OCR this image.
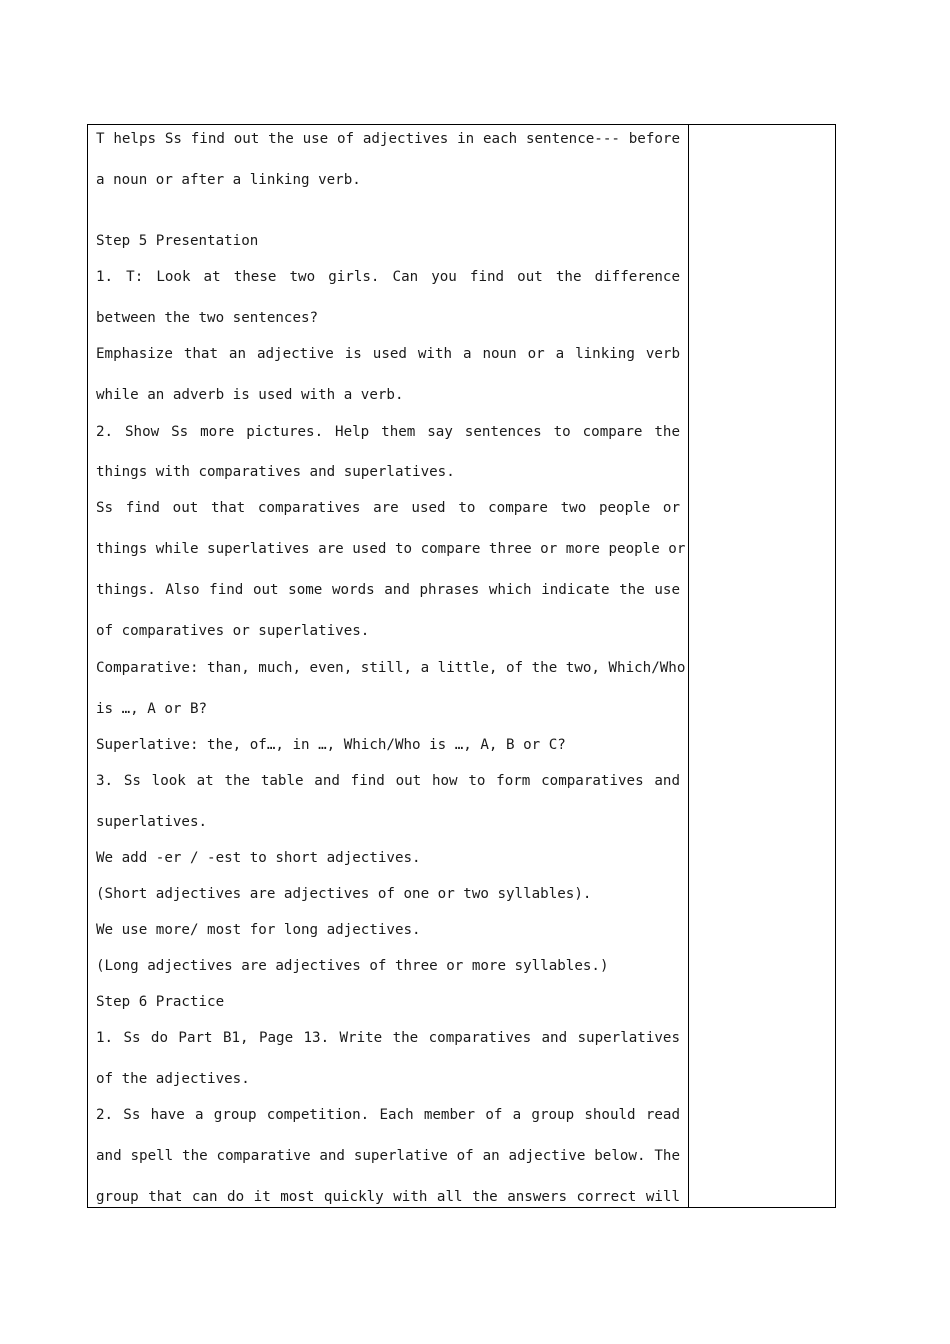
T helps Ss find out the use of adjectives in each sentence--- before
a noun or after a linking verb.
Step 5 Presentation
1. T: Look at these two girls. Can you find out the difference
between the two sentences?
Emphasize that an adjective is used with a noun or a linking verb
while an adverb is used with a verb.
2. Show Ss more pictures. Help them say sentences to compare the
things with comparatives and superlatives.
Ss find out that comparatives are used to compare two people or
things while superlatives are used to compare three or more people or
things. Also find out some words and phrases which indicate the use
of comparatives or superlatives.
Comparative: than, much, even, still, a little, of the two, Which/Who
is …, A or B?
Superlative: the, of…, in …, Which/Who is …, A, B or C?
3. Ss look at the table and find out how to form comparatives and
superlatives.
We add -er / -est to short adjectives.
(Short adjectives are adjectives of one or two syllables).
We use more/ most for long adjectives.
(Long adjectives are adjectives of three or more syllables.)
Step 6 Practice
1. Ss do Part B1, Page 13. Write the comparatives and superlatives
of the adjectives.
2. Ss have a group competition. Each member of a group should read
and spell the comparative and superlative of an adjective below. The
group that can do it most quickly with all the answers correct will
